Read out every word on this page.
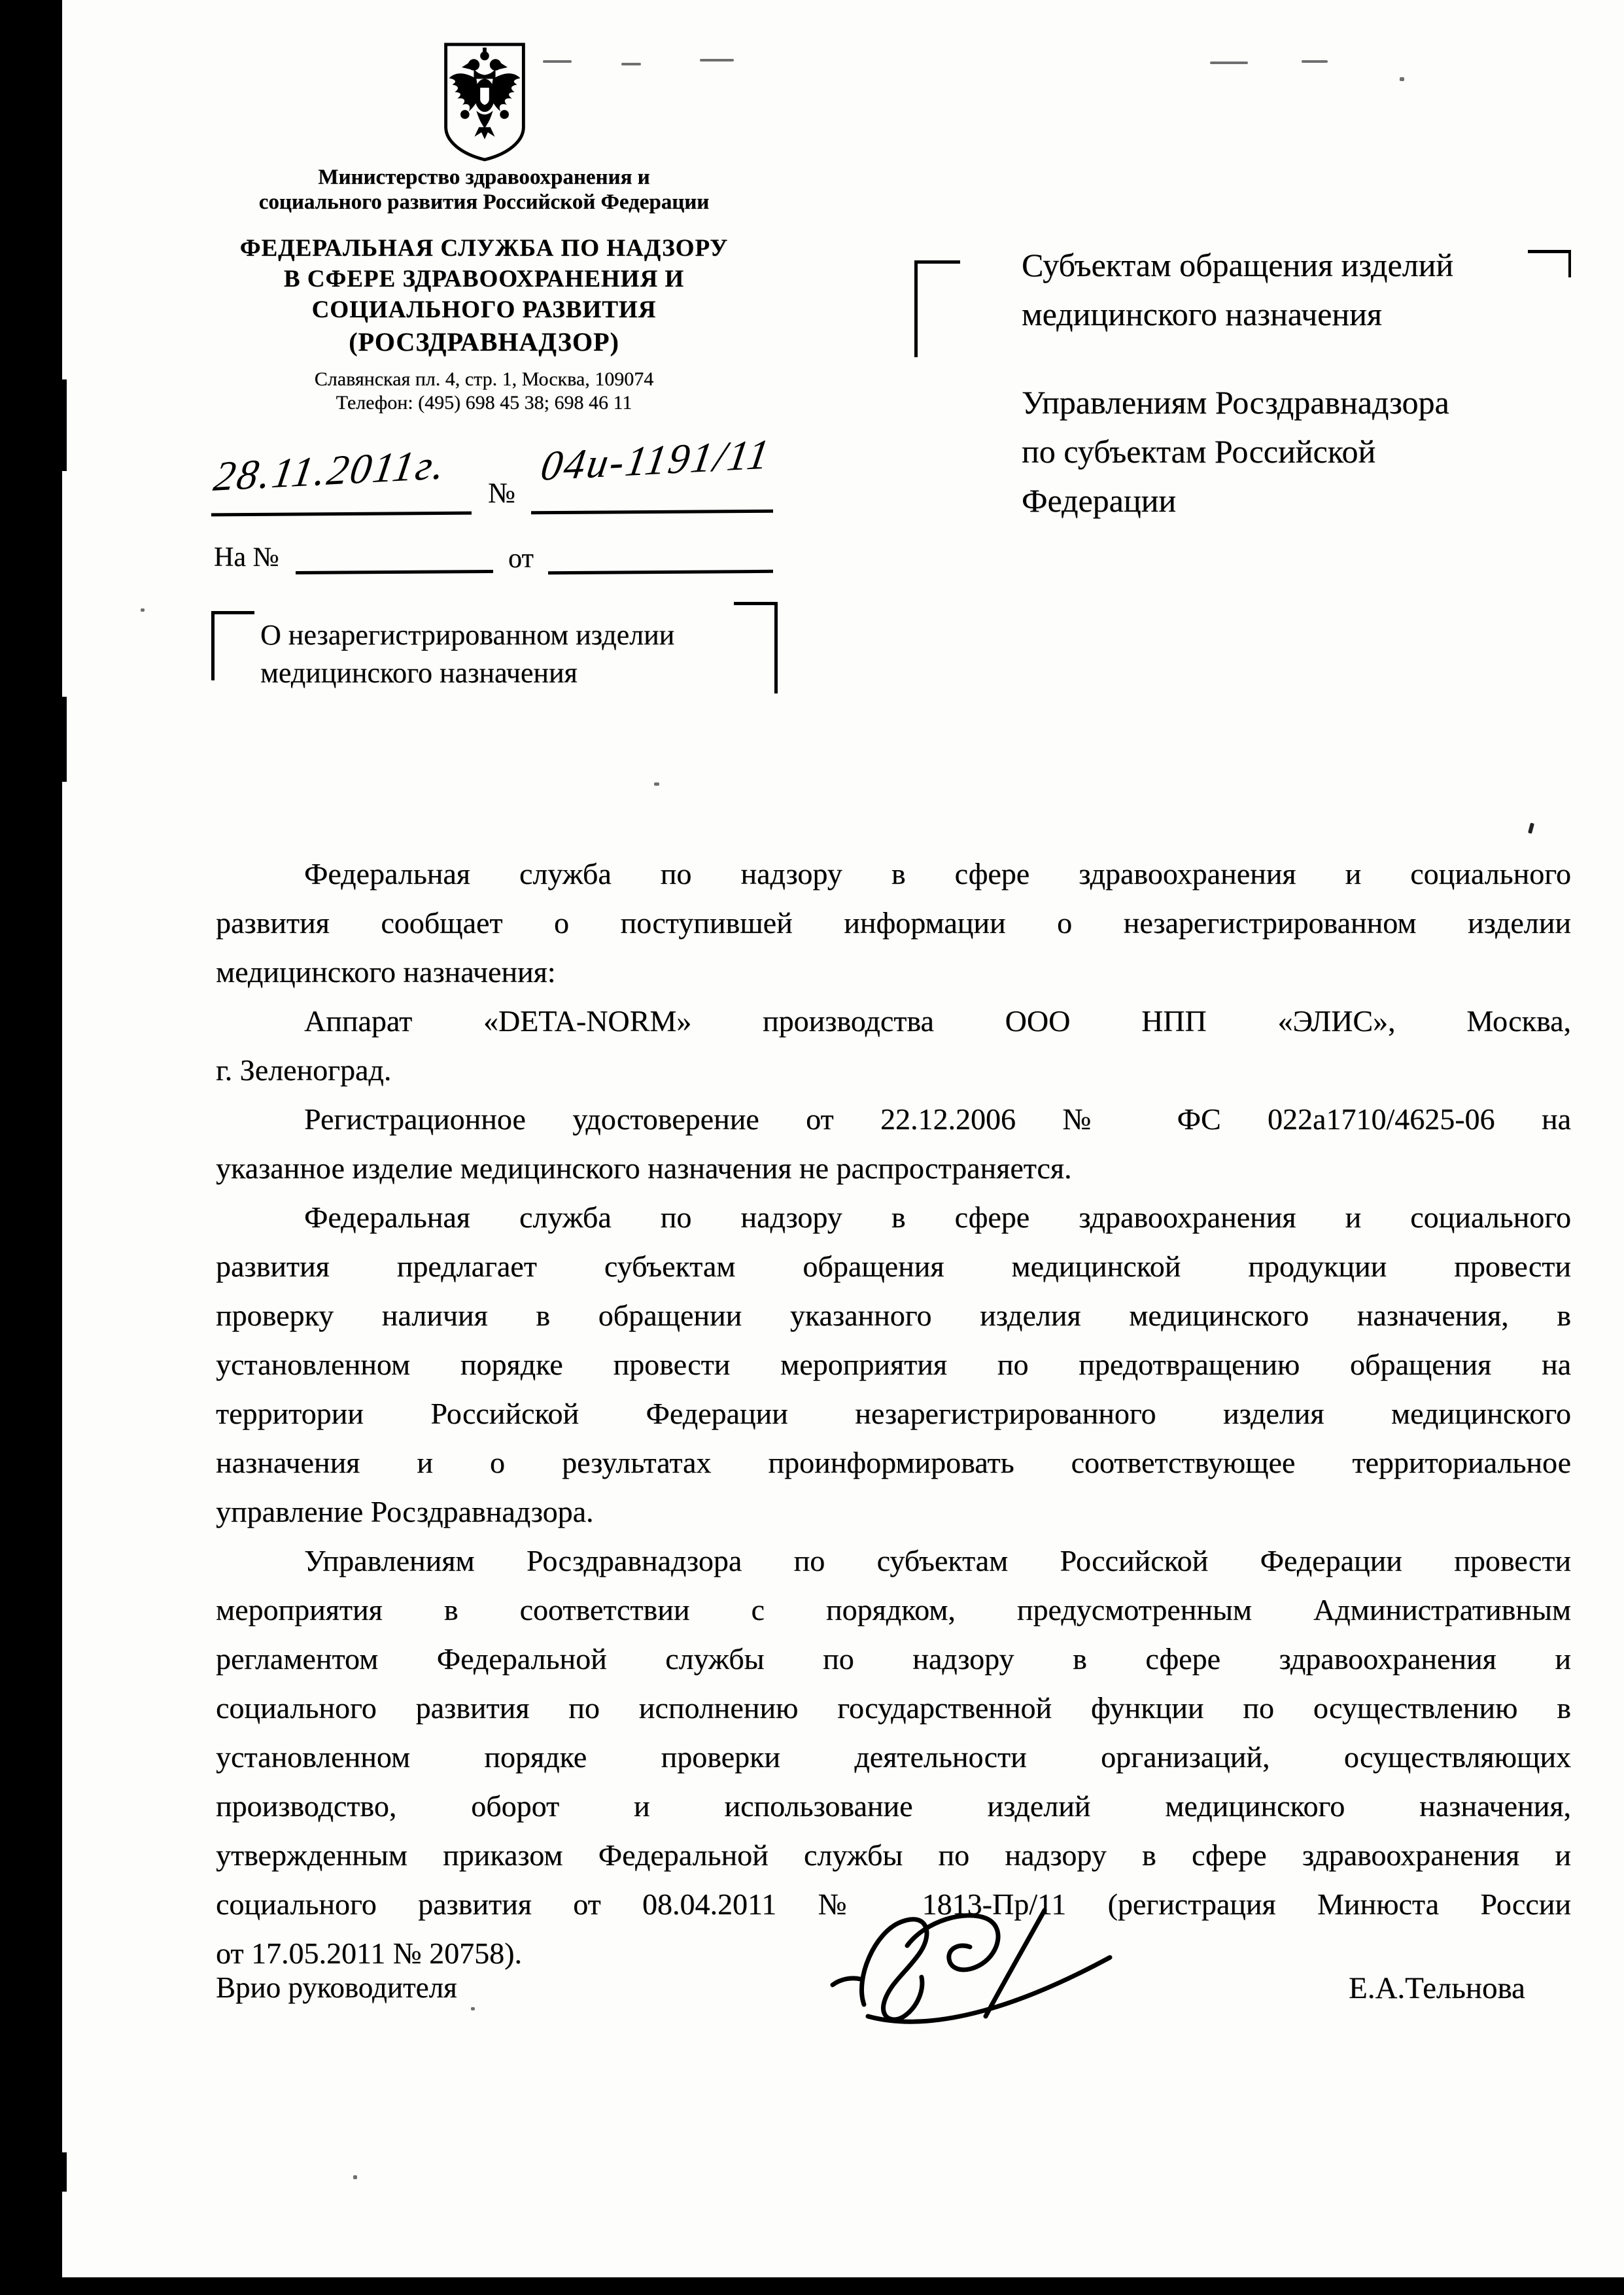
Министерство здравоохранения и
социального развития Российской Федерации
ФЕДЕРАЛЬНАЯ СЛУЖБА ПО НАДЗОРУ
В СФЕРЕ ЗДРАВООХРАНЕНИЯ И
СОЦИАЛЬНОГО РАЗВИТИЯ
(РОСЗДРАВНАДЗОР)
Славянская пл. 4, стр. 1, Москва, 109074
Телефон: (495) 698 45 38; 698 46 11
28.11.2011г. №
04и-1191/11
На №	от
Субъектам обращения изделий
медицинского назначения
Управлениям Росздравнадзора
по субъектам Российской
Федерации
О незарегистрированном изделии
медицинского назначения
Федеральная служба по надзору в сфере здравоохранения и социального
развития сообщает о поступившей информации о незарегистрированном изделии
медицинского назначения:
Аппарат «DETA-NORM» производства ООО НПП «ЭЛИС», Москва,
г. Зеленоград.
Регистрационное удостоверение от 22.12.2006 № ФС 022а1710/4625-06 на
указанное изделие медицинского назначения не распространяется.
Федеральная служба по надзору в сфере здравоохранения и социального
развития предлагает субъектам обращения медицинской продукции провести
проверку наличия в обращении указанного изделия медицинского назначения, в
установленном порядке провести мероприятия по предотвращению обращения на
территории Российской Федерации незарегистрированного изделия медицинского
назначения и о результатах проинформировать соответствующее территориальное
управление Росздравнадзора.
Управлениям Росздравнадзора по субъектам Российской Федерации провести
мероприятия в соответствии с порядком, предусмотренным Административным
регламентом Федеральной службы по надзору в сфере здравоохранения и
социального развития по исполнению государственной функции по осуществлению в
установленном порядке проверки деятельности организаций, осуществляющих
производство, оборот и использование изделий медицинского назначения,
утвержденным приказом Федеральной службы по надзору в сфере здравоохранения и
социального развития от 08.04.2011 № 1813-Пр/11 (регистрация Минюста России
от 17.05.2011 № 20758).
Врио руководителя	Е.А.Тельнова
